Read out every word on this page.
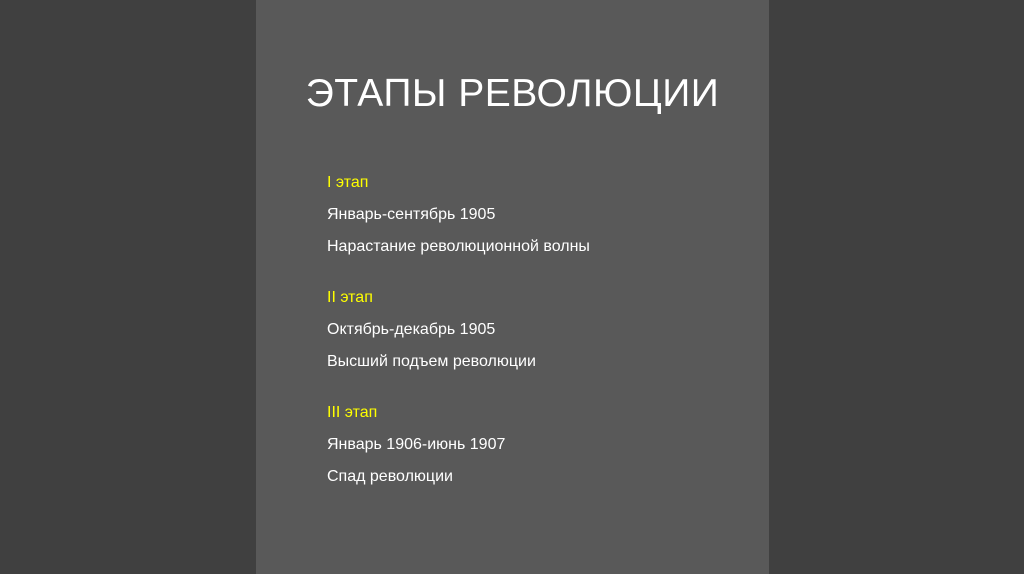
ЭТАПЫ РЕВОЛЮЦИИ
I этап
Январь-сентябрь 1905
Нарастание революционной волны
II этап
Октябрь-декабрь 1905
Высший подъем революции
III этап
Январь 1906-июнь 1907
Спад революции
